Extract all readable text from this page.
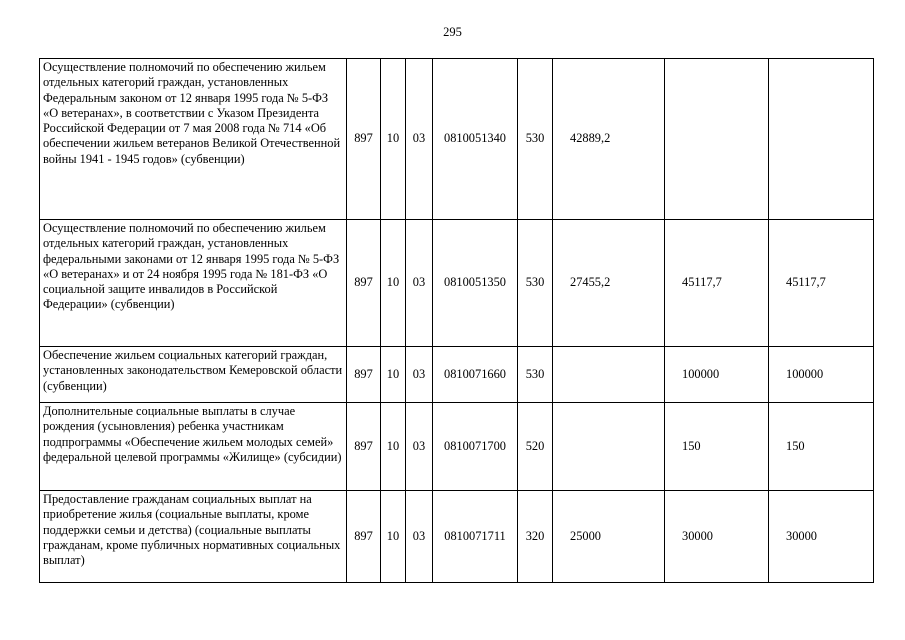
295
Осуществление полномочий по обеспечению жильем отдельных категорий граждан, установленных Федеральным законом от 12 января 1995 года № 5-ФЗ «О ветеранах», в соответствии с Указом Президента Российской Федерации от 7 мая 2008 года № 714 «Об обеспечении жильем ветеранов Великой Отечественной войны 1941 - 1945 годов» (субвенции)	897	10	03	0810051340	530	42889,2		
Осуществление полномочий по обеспечению жильем отдельных категорий граждан, установленных федеральными законами от 12 января 1995 года № 5-ФЗ «О ветеранах» и от 24 ноября 1995 года № 181-ФЗ «О социальной защите инвалидов в Российской Федерации» (субвенции)	897	10	03	0810051350	530	27455,2	45117,7	45117,7
Обеспечение жильем социальных категорий граждан, установленных законодательством Кемеровской области (субвенции)	897	10	03	0810071660	530		100000	100000
Дополнительные социальные выплаты в случае рождения (усыновления) ребенка участникам подпрограммы «Обеспечение жильем молодых семей» федеральной целевой программы «Жилище» (субсидии)	897	10	03	0810071700	520		150	150
Предоставление гражданам социальных выплат на приобретение жилья (социальные выплаты, кроме поддержки семьи и детства) (социальные выплаты гражданам, кроме публичных нормативных социальных выплат)	897	10	03	0810071711	320	25000	30000	30000
